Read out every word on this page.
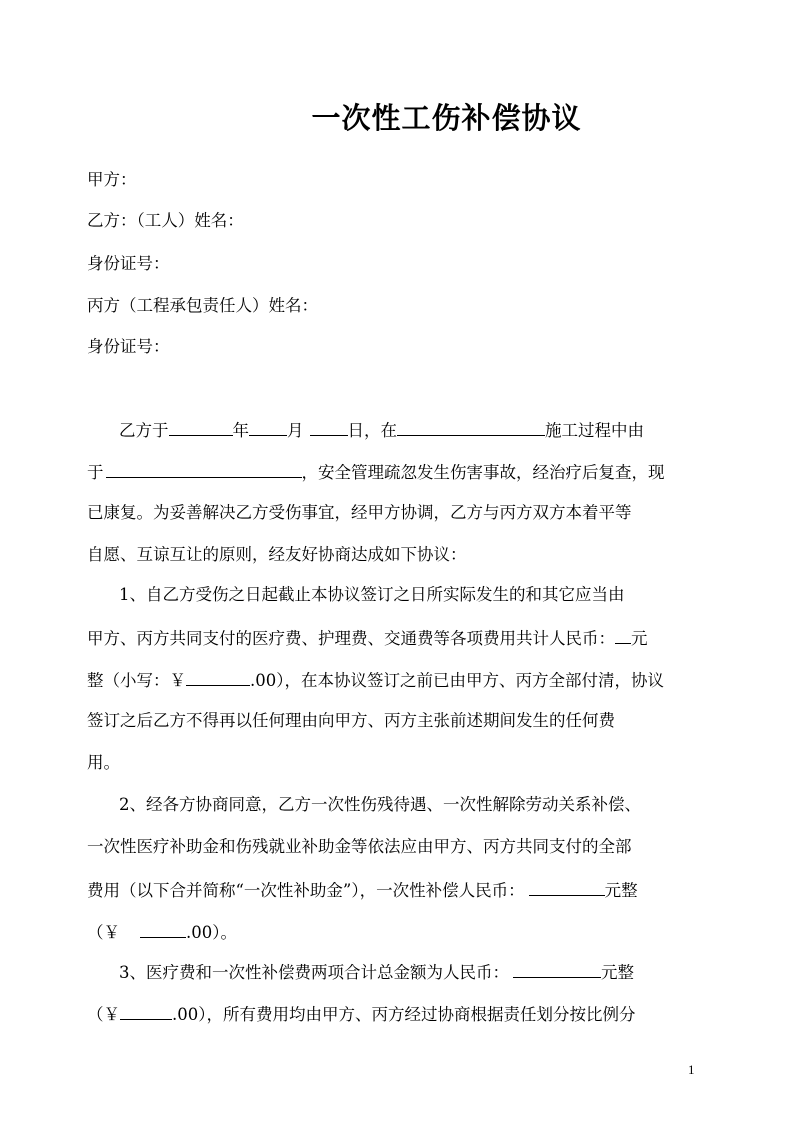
一次性工伤补偿协议
甲方：
乙方：（工人）姓名：
身份证号：
丙方（工程承包责任人）姓名：
身份证号：
乙方于	年 月	日，在	施工过程中由
于	，安全管理疏忽发生伤害事故，经治疗后复查，现
已康复。为妥善解决乙方受伤事宜，经甲方协调，乙方与丙方双方本着平等
自愿、互谅互让的原则，经友好协商达成如下协议：
1、自乙方受伤之日起截止本协议签订之日所实际发生的和其它应当由
甲方、丙方共同支付的医疗费、护理费、交通费等各项费用共计人民币： 元
整（小写：￥	.00），在本协议签订之前已由甲方、丙方全部付清，协议
签订之后乙方不得再以任何理由向甲方、丙方主张前述期间发生的任何费
用。
2、经各方协商同意，乙方一次性伤残待遇、一次性解除劳动关系补偿、
一次性医疗补助金和伤残就业补助金等依法应由甲方、丙方共同支付的全部
费用（以下合并简称“一次性补助金”），一次性补偿人民币：	元整
（￥	.00）。
3、医疗费和一次性补偿费两项合计总金额为人民币：	元整
（￥	.00），所有费用均由甲方、丙方经过协商根据责任划分按比例分
1
